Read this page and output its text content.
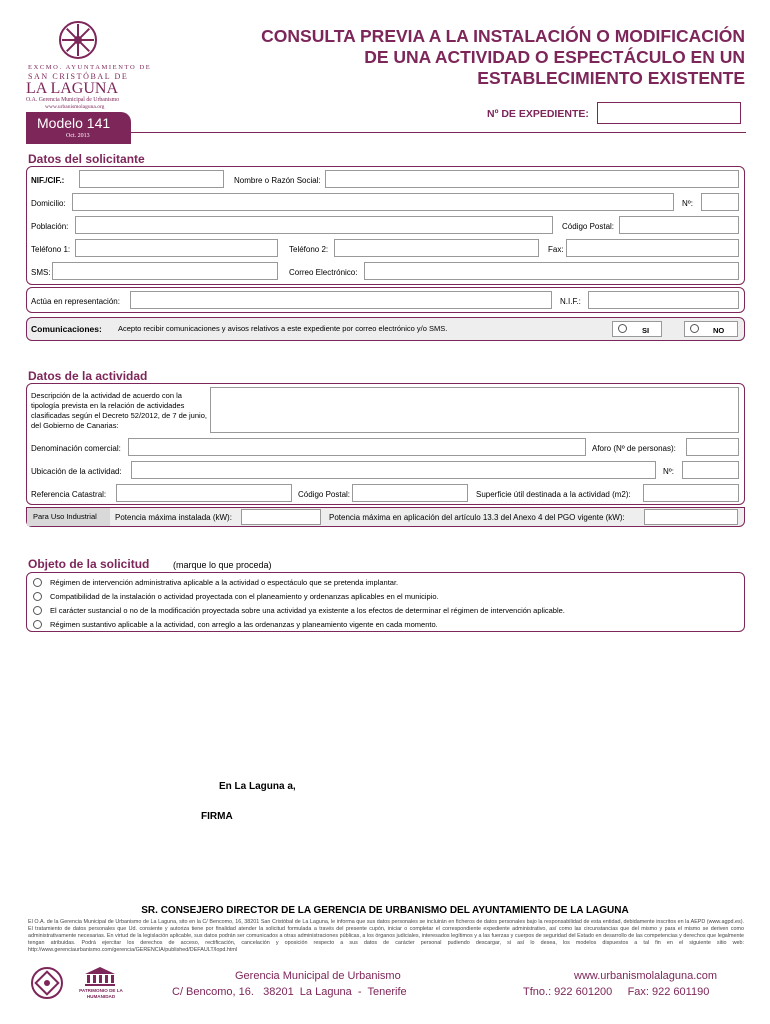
EXCMO. AYUNTAMIENTO DE
SAN CRISTÓBAL DE
LA LAGUNA
O.A. Gerencia Municipal de Urbanismo
www.urbanismolaguna.org
Modelo 141
Oct. 2013
CONSULTA PREVIA A LA INSTALACIÓN O MODIFICACIÓN
DE UNA ACTIVIDAD O ESPECTÁCULO EN UN
ESTABLECIMIENTO EXISTENTE
Nº DE EXPEDIENTE:
Datos del solicitante
NIF./CIF.:	Nombre o Razón Social:
Domicilio:	Nº:
Población:	Código Postal:
Teléfono 1:	Teléfono 2:	Fax:
SMS:	Correo Electrónico:
Actúa en representación:	N.I.F.:
Comunicaciones: Acepto recibir comunicaciones y avisos relativos a este expediente por correo electrónico y/o SMS.	SI	NO
Datos de la actividad
Descripción de la actividad de acuerdo con la tipología prevista en la relación de actividades clasificadas según el Decreto 52/2012, de 7 de junio, del Gobierno de Canarias:
Denominación comercial:	Aforo (Nº de personas):
Ubicación de la actividad:	Nº:
Referencia Catastral:	Código Postal:	Superficie útil destinada a la actividad (m2):
Para Uso Industrial Potencia máxima instalada (kW):	Potencia máxima en aplicación del artículo 13.3 del Anexo 4 del PGO vigente (kW):
Objeto de la solicitud	(marque lo que proceda)
Régimen de intervención administrativa aplicable a la actividad o espectáculo que se pretenda implantar.
Compatibilidad de la instalación o actividad proyectada con el planeamiento y ordenanzas aplicables en el municipio.
El carácter sustancial o no de la modificación proyectada sobre una actividad ya existente a los efectos de determinar el régimen de intervención aplicable.
Régimen sustantivo aplicable a la actividad, con arreglo a las ordenanzas y planeamiento vigente en cada momento.
En La Laguna a,
FIRMA
SR. CONSEJERO DIRECTOR DE LA GERENCIA DE URBANISMO DEL AYUNTAMIENTO DE LA LAGUNA
El O.A. de la Gerencia Municipal de Urbanismo de La Laguna, sito en la C/ Bencomo, 16, 38201 San Cristóbal de La Laguna, le informa que sus datos personales se incluirán en ficheros de datos personales bajo la responsabilidad de esta entidad, debidamente inscritos en la AEPD (www.agpd.es). El tratamiento de datos personales que Ud. consiente y autoriza tiene por finalidad atender la solicitud formulada a través del presente cupón, iniciar o completar el correspondiente expediente administrativo, así como las circunstancias que del mismo y para el mismo se deriven como administrativamente necesarias. En virtud de la legislación aplicable, sus datos podrán ser comunicados a otras administraciones públicas, a los órganos judiciales, interesados legítimos y a las fuerzas y cuerpos de seguridad del Estado en desarrollo de las competencias y derechos que legalmente tengan atribuidas. Podrá ejercitar los derechos de acceso, rectificación, cancelación y oposición respecto a sus datos de carácter personal pudiendo descargar, si así lo desea, los modelos dispuestos a tal fin en el siguiente sitio web: http://www.gerenciaurbanismo.com/gerencia/GERENCIA/published/DEFAULT/lopd.html
PATRIMONIO DE LA HUMANIDAD
Gerencia Municipal de Urbanismo
C/ Bencomo, 16.   38201  La Laguna  -  Tenerife
www.urbanismolalaguna.com
Tfno.: 922 601200     Fax: 922 601190
